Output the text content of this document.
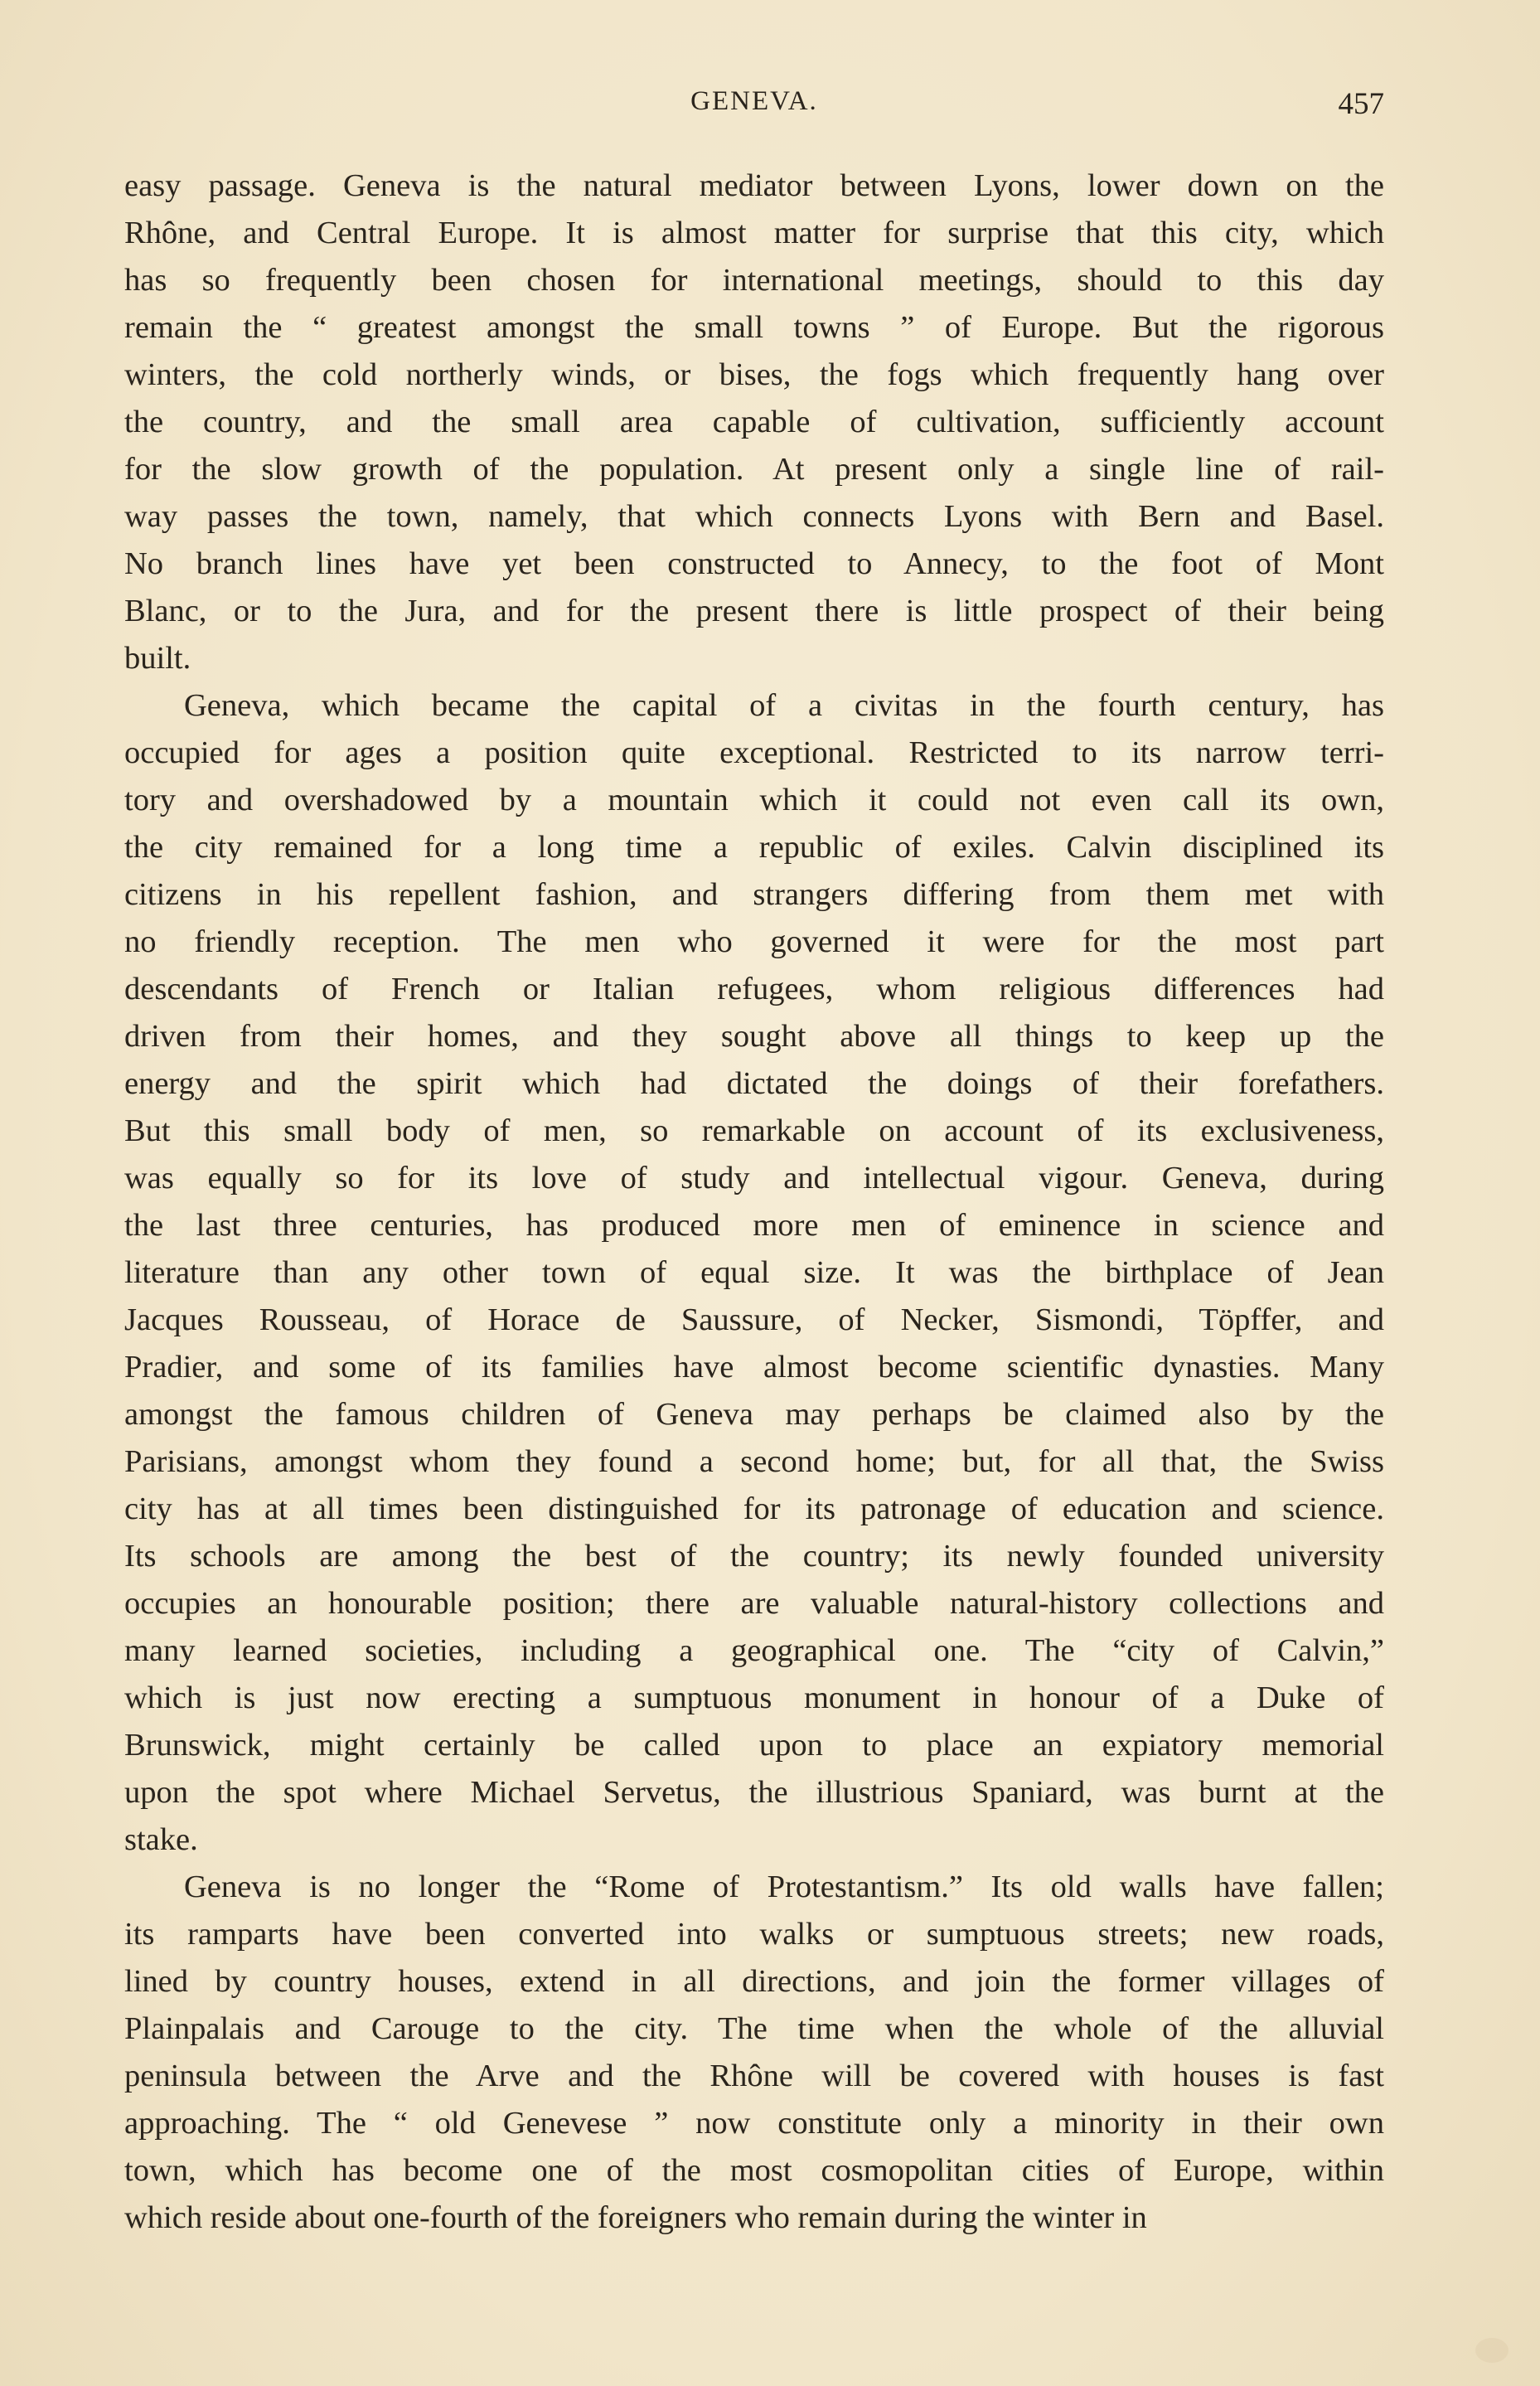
GENEVA.	457
easy passage. Geneva is the natural mediator between Lyons, lower down on the
Rhône, and Central Europe. It is almost matter for surprise that this city, which
has so frequently been chosen for international meetings, should to this day
remain the “ greatest amongst the small towns ” of Europe. But the rigorous
winters, the cold northerly winds, or bises, the fogs which frequently hang over
the country, and the small area capable of cultivation, sufficiently account
for the slow growth of the population. At present only a single line of rail-
way passes the town, namely, that which connects Lyons with Bern and Basel.
No branch lines have yet been constructed to Annecy, to the foot of Mont
Blanc, or to the Jura, and for the present there is little prospect of their being
built.
Geneva, which became the capital of a civitas in the fourth century, has
occupied for ages a position quite exceptional. Restricted to its narrow terri-
tory and overshadowed by a mountain which it could not even call its own,
the city remained for a long time a republic of exiles. Calvin disciplined its
citizens in his repellent fashion, and strangers differing from them met with
no friendly reception. The men who governed it were for the most part
descendants of French or Italian refugees, whom religious differences had
driven from their homes, and they sought above all things to keep up the
energy and the spirit which had dictated the doings of their forefathers.
But this small body of men, so remarkable on account of its exclusiveness,
was equally so for its love of study and intellectual vigour. Geneva, during
the last three centuries, has produced more men of eminence in science and
literature than any other town of equal size. It was the birthplace of Jean
Jacques Rousseau, of Horace de Saussure, of Necker, Sismondi, Töpffer, and
Pradier, and some of its families have almost become scientific dynasties. Many
amongst the famous children of Geneva may perhaps be claimed also by the
Parisians, amongst whom they found a second home; but, for all that, the Swiss
city has at all times been distinguished for its patronage of education and science.
Its schools are among the best of the country; its newly founded university
occupies an honourable position; there are valuable natural-history collections and
many learned societies, including a geographical one. The “city of Calvin,”
which is just now erecting a sumptuous monument in honour of a Duke of
Brunswick, might certainly be called upon to place an expiatory memorial
upon the spot where Michael Servetus, the illustrious Spaniard, was burnt at the
stake.
Geneva is no longer the “Rome of Protestantism.” Its old walls have fallen;
its ramparts have been converted into walks or sumptuous streets; new roads,
lined by country houses, extend in all directions, and join the former villages of
Plainpalais and Carouge to the city. The time when the whole of the alluvial
peninsula between the Arve and the Rhône will be covered with houses is fast
approaching. The “ old Genevese ” now constitute only a minority in their own
town, which has become one of the most cosmopolitan cities of Europe, within
which reside about one-fourth of the foreigners who remain during the winter in
